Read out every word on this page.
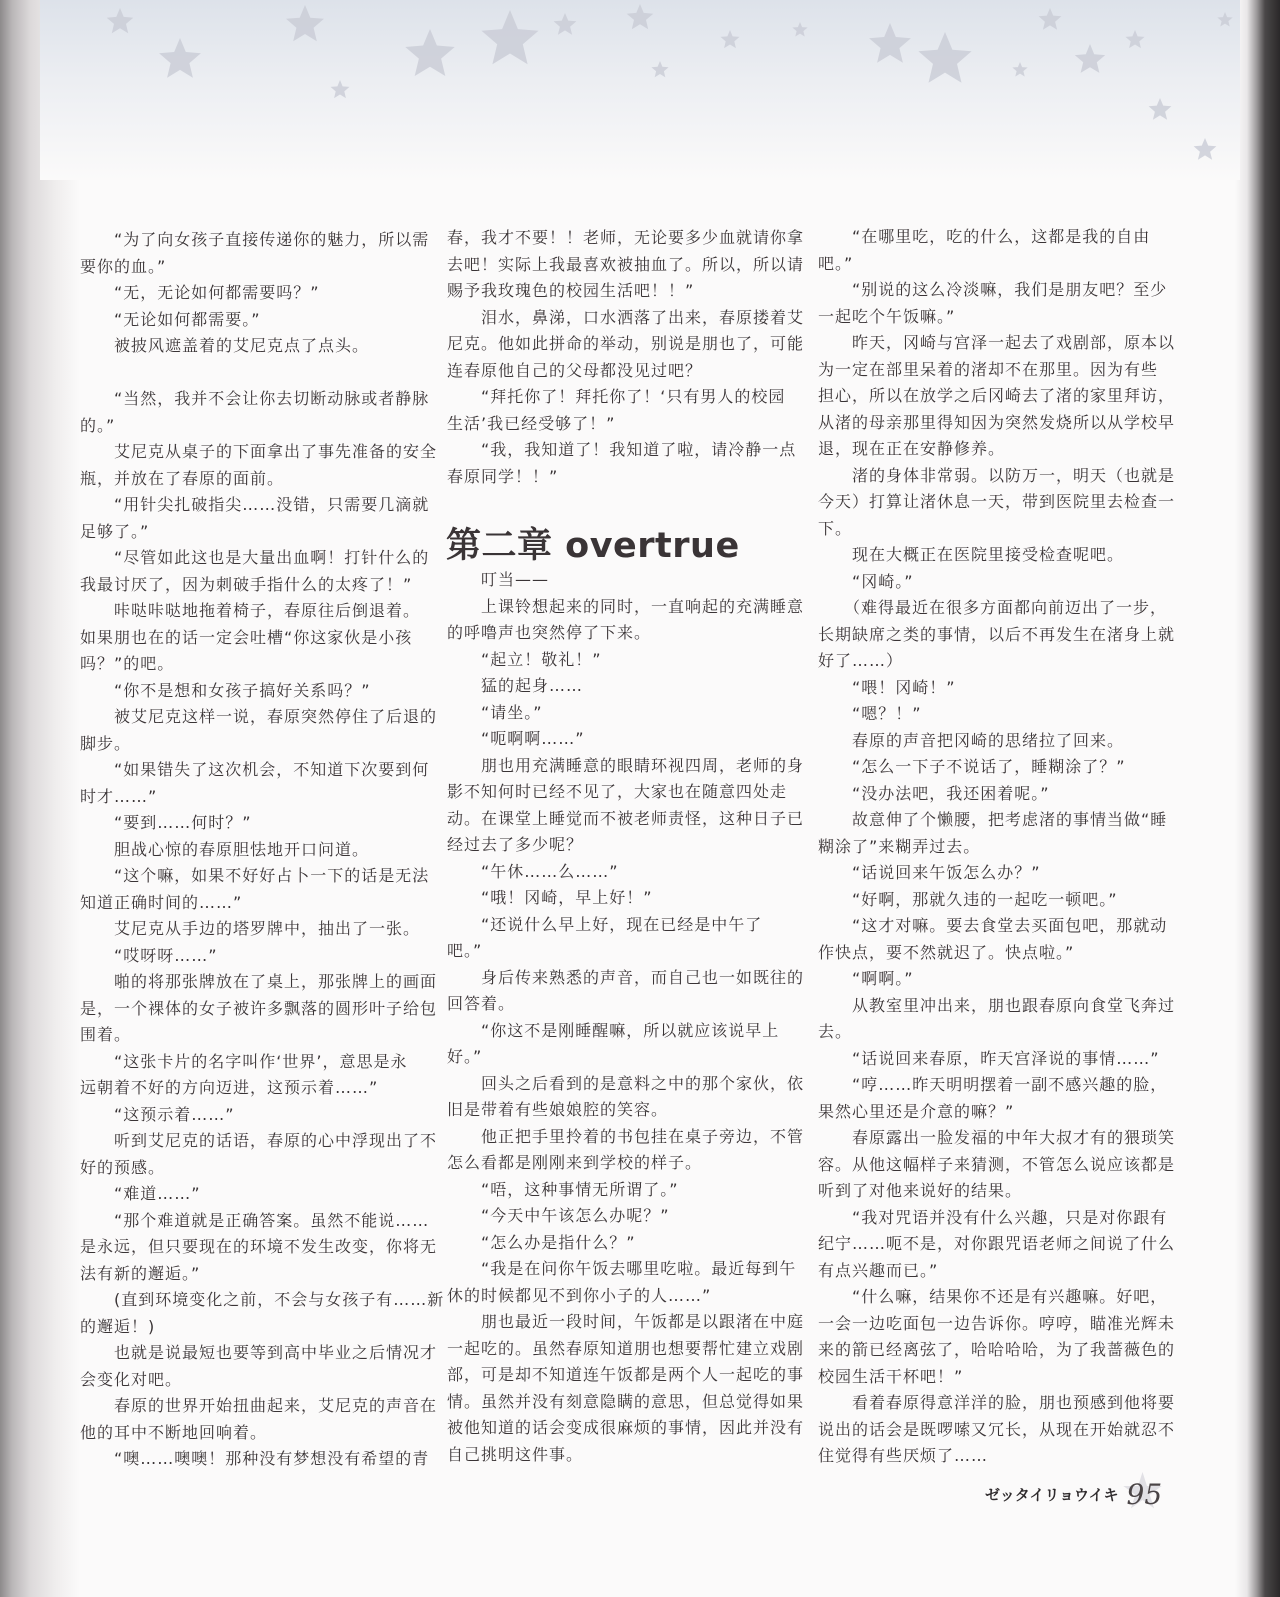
　　“为了向女孩子直接传递你的魅力，所以需
要你的血。”
　　“无，无论如何都需要吗？”
　　“无论如何都需要。”
　　被披风遮盖着的艾尼克点了点头。
　　“当然，我并不会让你去切断动脉或者静脉
的。”
　　艾尼克从桌子的下面拿出了事先准备的安全
瓶，并放在了春原的面前。
　　“用针尖扎破指尖……没错，只需要几滴就
足够了。”
　　“尽管如此这也是大量出血啊！打针什么的
我最讨厌了，因为刺破手指什么的太疼了！”
　　咔哒咔哒地拖着椅子，春原往后倒退着。
如果朋也在的话一定会吐槽“你这家伙是小孩
吗？”的吧。
　　“你不是想和女孩子搞好关系吗？”
　　被艾尼克这样一说，春原突然停住了后退的
脚步。
　　“如果错失了这次机会，不知道下次要到何
时才……”
　　“要到……何时？”
　　胆战心惊的春原胆怯地开口问道。
　　“这个嘛，如果不好好占卜一下的话是无法
知道正确时间的……”
　　艾尼克从手边的塔罗牌中，抽出了一张。
　　“哎呀呀……”
　　啪的将那张牌放在了桌上，那张牌上的画面
是，一个裸体的女子被许多飘落的圆形叶子给包
围着。
　　“这张卡片的名字叫作‘世界’，意思是永
远朝着不好的方向迈进，这预示着……”
　　“这预示着……”
　　听到艾尼克的话语，春原的心中浮现出了不
好的预感。
　　“难道……”
　　“那个难道就是正确答案。虽然不能说……
是永远，但只要现在的环境不发生改变，你将无
法有新的邂逅。”
　　(直到环境变化之前，不会与女孩子有……新
的邂逅！)
　　也就是说最短也要等到高中毕业之后情况才
会变化对吧。
　　春原的世界开始扭曲起来，艾尼克的声音在
他的耳中不断地回响着。
　　“噢……噢噢！那种没有梦想没有希望的青
春，我才不要！！老师，无论要多少血就请你拿
去吧！实际上我最喜欢被抽血了。所以，所以请
赐予我玫瑰色的校园生活吧！！”
　　泪水，鼻涕，口水洒落了出来，春原搂着艾
尼克。他如此拼命的举动，别说是朋也了，可能
连春原他自己的父母都没见过吧？
　　“拜托你了！拜托你了！‘只有男人的校园
生活’我已经受够了！”
　　“我，我知道了！我知道了啦，请冷静一点
春原同学！！”
第二章 overtrue
　　叮当——
　　上课铃想起来的同时，一直响起的充满睡意
的呼噜声也突然停了下来。
　　“起立！敬礼！”
　　猛的起身……
　　“请坐。”
　　“呃啊啊……”
　　朋也用充满睡意的眼睛环视四周，老师的身
影不知何时已经不见了，大家也在随意四处走
动。在课堂上睡觉而不被老师责怪，这种日子已
经过去了多少呢？
　　“午休……么……”
　　“哦！冈崎，早上好！”
　　“还说什么早上好，现在已经是中午了
吧。”
　　身后传来熟悉的声音，而自己也一如既往的
回答着。
　　“你这不是刚睡醒嘛，所以就应该说早上
好。”
　　回头之后看到的是意料之中的那个家伙，依
旧是带着有些娘娘腔的笑容。
　　他正把手里拎着的书包挂在桌子旁边，不管
怎么看都是刚刚来到学校的样子。
　　“唔，这种事情无所谓了。”
　　“今天中午该怎么办呢？”
　　“怎么办是指什么？”
　　“我是在问你午饭去哪里吃啦。最近每到午
休的时候都见不到你小子的人……”
　　朋也最近一段时间，午饭都是以跟渚在中庭
一起吃的。虽然春原知道朋也想要帮忙建立戏剧
部，可是却不知道连午饭都是两个人一起吃的事
情。虽然并没有刻意隐瞒的意思，但总觉得如果
被他知道的话会变成很麻烦的事情，因此并没有
自己挑明这件事。
　　“在哪里吃，吃的什么，这都是我的自由
吧。”
　　“别说的这么冷淡嘛，我们是朋友吧？至少
一起吃个午饭嘛。”
　　昨天，冈崎与宫泽一起去了戏剧部，原本以
为一定在部里呆着的渚却不在那里。因为有些
担心，所以在放学之后冈崎去了渚的家里拜访，
从渚的母亲那里得知因为突然发烧所以从学校早
退，现在正在安静修养。
　　渚的身体非常弱。以防万一，明天（也就是
今天）打算让渚休息一天，带到医院里去检查一
下。
　　现在大概正在医院里接受检查呢吧。
　　“冈崎。”
　　（难得最近在很多方面都向前迈出了一步，
长期缺席之类的事情，以后不再发生在渚身上就
好了……）
　　“喂！冈崎！”
　　“嗯？！”
　　春原的声音把冈崎的思绪拉了回来。
　　“怎么一下子不说话了，睡糊涂了？”
　　“没办法吧，我还困着呢。”
　　故意伸了个懒腰，把考虑渚的事情当做“睡
糊涂了”来糊弄过去。
　　“话说回来午饭怎么办？”
　　“好啊，那就久违的一起吃一顿吧。”
　　“这才对嘛。要去食堂去买面包吧，那就动
作快点，要不然就迟了。快点啦。”
　　“啊啊。”
　　从教室里冲出来，朋也跟春原向食堂飞奔过
去。
　　“话说回来春原，昨天宫泽说的事情……”
　　“哼……昨天明明摆着一副不感兴趣的脸，
果然心里还是介意的嘛？”
　　春原露出一脸发福的中年大叔才有的猥琐笑
容。从他这幅样子来猜测，不管怎么说应该都是
听到了对他来说好的结果。
　　“我对咒语并没有什么兴趣，只是对你跟有
纪宁……呃不是，对你跟咒语老师之间说了什么
有点兴趣而已。”
　　“什么嘛，结果你不还是有兴趣嘛。好吧，
一会一边吃面包一边告诉你。哼哼，瞄准光辉未
来的箭已经离弦了，哈哈哈哈，为了我蔷薇色的
校园生活干杯吧！”
　　看着春原得意洋洋的脸，朋也预感到他将要
说出的话会是既啰嗦又冗长，从现在开始就忍不
住觉得有些厌烦了……
ゼッタイリョウイキ 95
